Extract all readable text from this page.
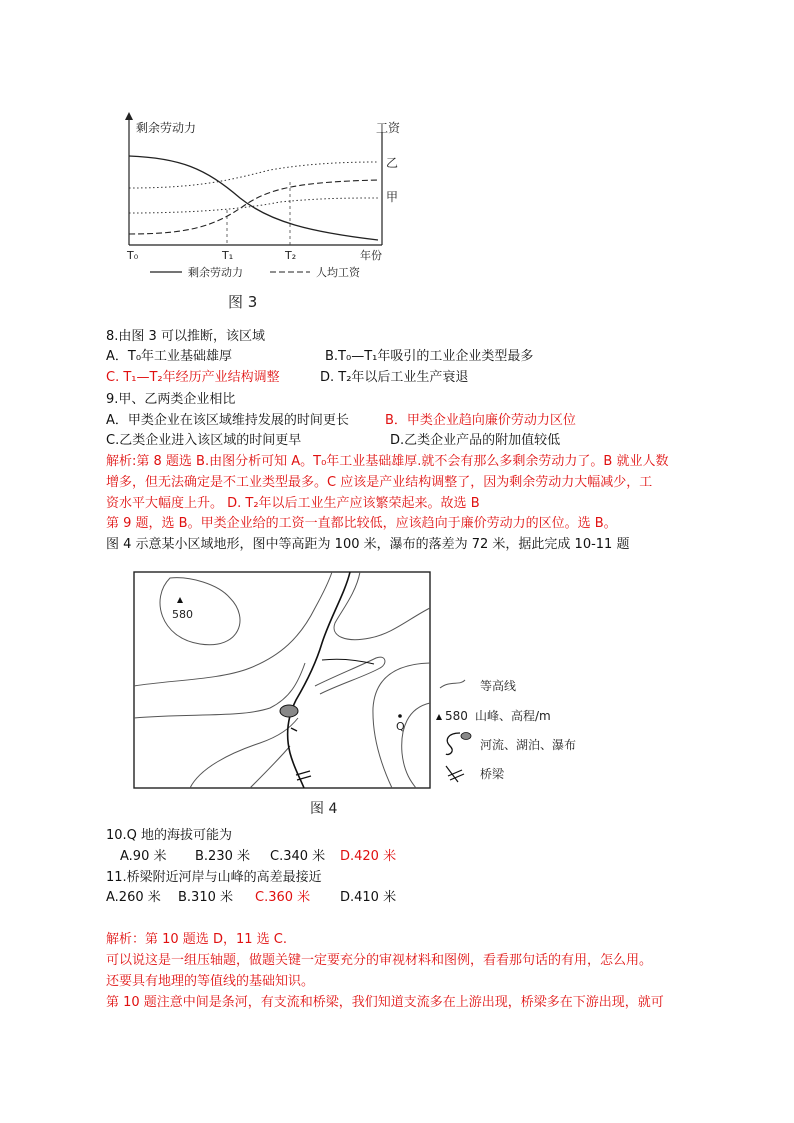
剩余劳动力	工资
乙
甲
T₀	T₁	T₂	年份
剩余劳动力	人均工资
图 3
8.由图 3 可以推断，该区域
A．T₀年工业基础雄厚	B.T₀—T₁年吸引的工业企业类型最多
C. T₁—T₂年经历产业结构调整	D. T₂年以后工业生产衰退
9.甲、乙两类企业相比
A．甲类企业在该区域维持发展的时间更长	B．甲类企业趋向廉价劳动力区位
C.乙类企业进入该区域的时间更早	D.乙类企业产品的附加值较低
解析:第 8 题选 B.由图分析可知 A。T₀年工业基础雄厚.就不会有那么多剩余劳动力了。B 就业人数
增多，但无法确定是不工业类型最多。C 应该是产业结构调整了，因为剩余劳动力大幅减少，工
资水平大幅度上升。 D. T₂年以后工业生产应该繁荣起来。故选 B
第 9 题，选 B。甲类企业给的工资一直都比较低，应该趋向于廉价劳动力的区位。选 B。
图 4 示意某小区域地形，图中等高距为 100 米，瀑布的落差为 72 米，据此完成 10-11 题
580
Q
等高线
580 山峰、高程/m
河流、湖泊、瀑布
桥梁
图 4
10.Q 地的海拔可能为
A.90 米 B.230 米 C.340 米 D.420 米
11.桥梁附近河岸与山峰的高差最接近
A.260 米 B.310 米 C.360 米 D.410 米
解析：第 10 题选 D，11 选 C.
可以说这是一组压轴题，做题关键一定要充分的审视材料和图例，看看那句话的有用，怎么用。
还要具有地理的等值线的基础知识。
第 10 题注意中间是条河，有支流和桥梁，我们知道支流多在上游出现，桥梁多在下游出现，就可
